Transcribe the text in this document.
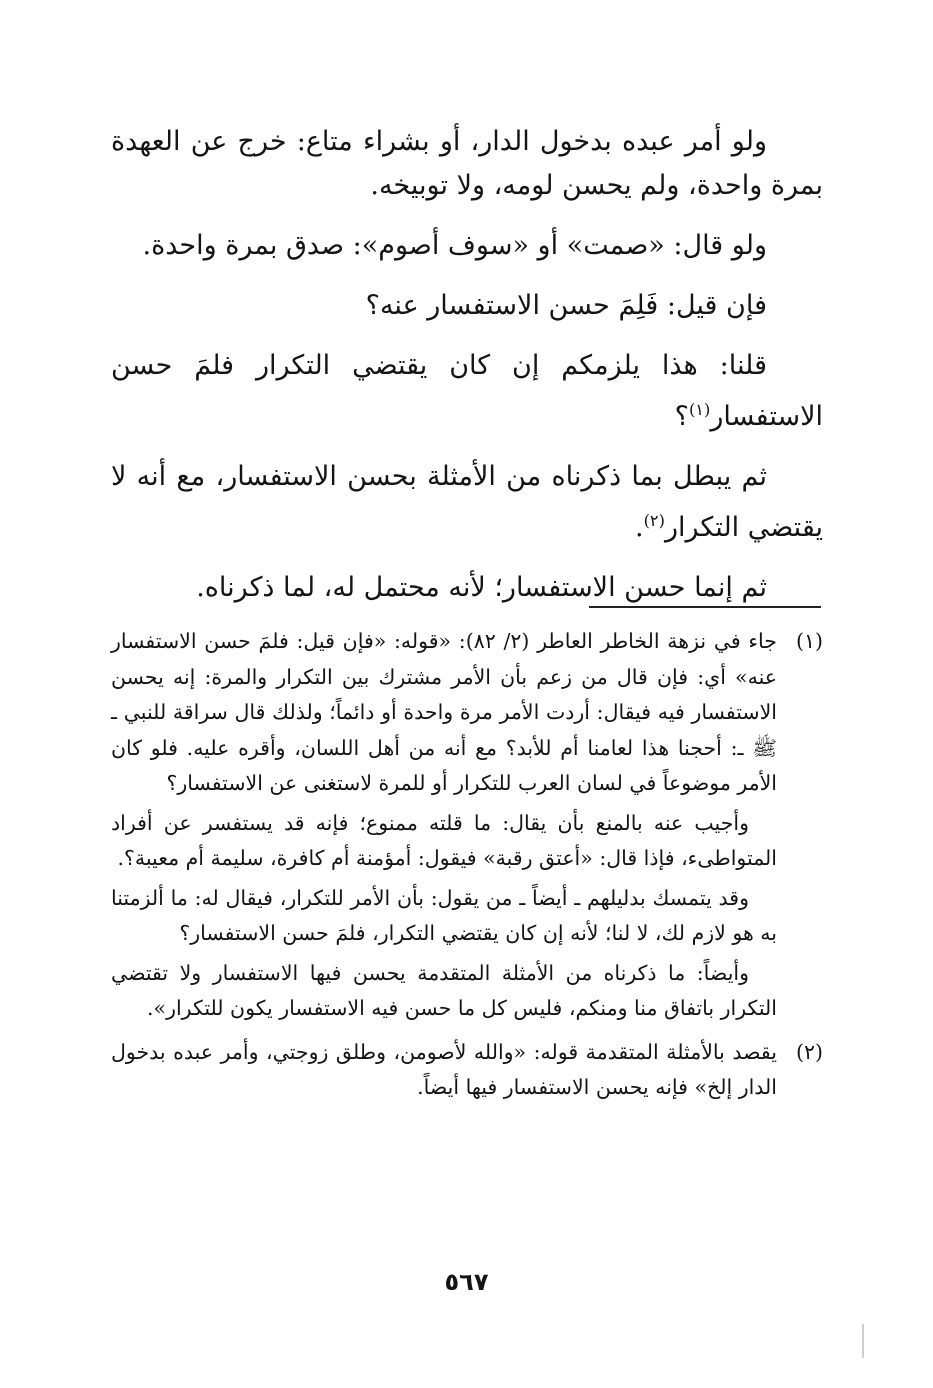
ولو أمر عبده بدخول الدار، أو بشراء متاع: خرج عن العهدة بمرة واحدة، ولم يحسن لومه، ولا توبيخه.

ولو قال: «صمت» أو «سوف أصوم»: صدق بمرة واحدة.

فإن قيل: فَلِمَ حسن الاستفسار عنه؟

قلنا: هذا يلزمكم إن كان يقتضي التكرار فلمَ حسن الاستفسار$^{(١)}$؟

ثم يبطل بما ذكرناه من الأمثلة بحسن الاستفسار، مع أنه لا يقتضي التكرار$^{(٢)}$.

ثم إنما حسن الاستفسار؛ لأنه محتمل له، لما ذكرناه.

(١)

جاء في نزهة الخاطر العاطر (٢/ ٨٢): «قوله: «فإن قيل: فلمَ حسن الاستفسار عنه» أي: فإن قال من زعم بأن الأمر مشترك بين التكرار والمرة: إنه يحسن الاستفسار فيه فيقال: أردت الأمر مرة واحدة أو دائماً؛ ولذلك قال سراقة للنبي ـ ﷺ ـ: أحجنا هذا لعامنا أم للأبد؟ مع أنه من أهل اللسان، وأقره عليه. فلو كان الأمر موضوعاً في لسان العرب للتكرار أو للمرة لاستغنى عن الاستفسار؟

وأجيب عنه بالمنع بأن يقال: ما قلته ممنوع؛ فإنه قد يستفسر عن أفراد المتواطىء، فإذا قال: «أعتق رقبة» فيقول: أمؤمنة أم كافرة، سليمة أم معيبة؟.

وقد يتمسك بدليلهم ـ أيضاً ـ من يقول: بأن الأمر للتكرار، فيقال له: ما ألزمتنا به هو لازم لك، لا لنا؛ لأنه إن كان يقتضي التكرار، فلمَ حسن الاستفسار؟

وأيضاً: ما ذكرناه من الأمثلة المتقدمة يحسن فيها الاستفسار ولا تقتضي التكرار باتفاق منا ومنكم، فليس كل ما حسن فيه الاستفسار يكون للتكرار».

(٢)

يقصد بالأمثلة المتقدمة قوله: «والله لأصومن، وطلق زوجتي، وأمر عبده بدخول الدار إلخ» فإنه يحسن الاستفسار فيها أيضاً.

٥٦٧
